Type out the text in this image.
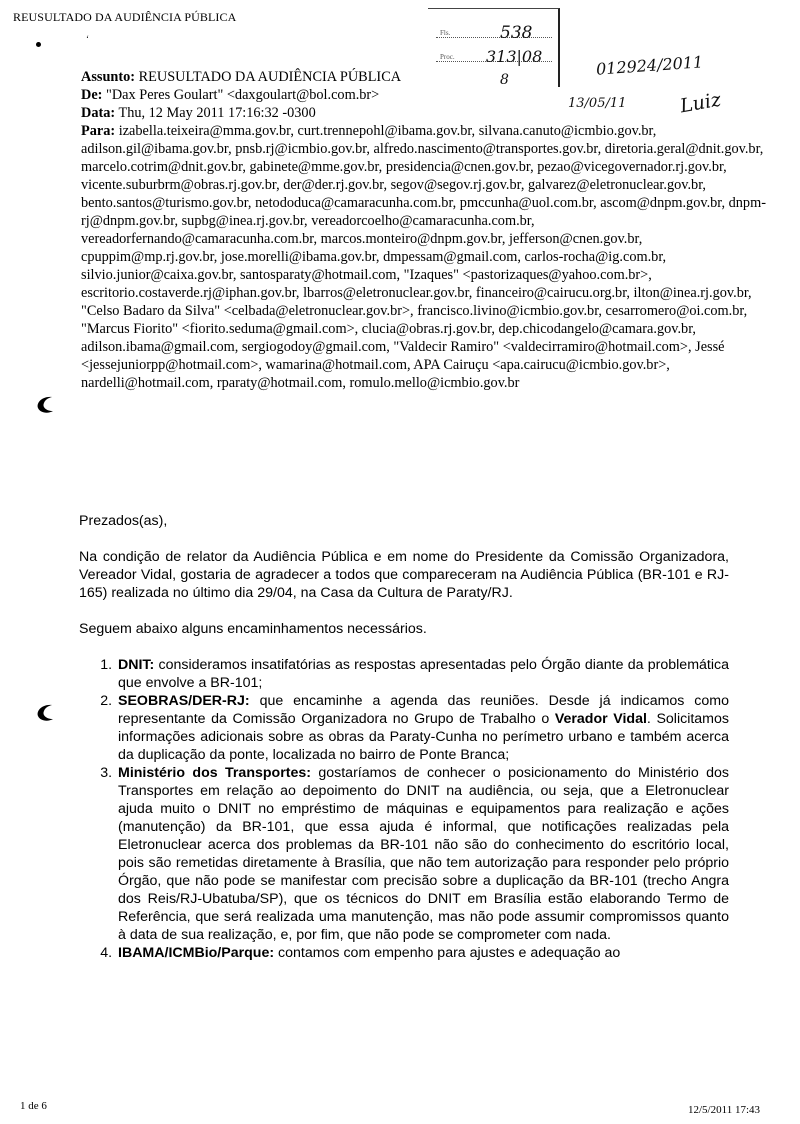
REUSULTADO DA AUDIÊNCIA PÚBLICA
ʻ
Fls.
Proc.
538
313|08
8
012924/2011
13/05/11	Luiz

Assunto: REUSULTADO DA AUDIÊNCIA PÚBLICA

De: "Dax Peres Goulart" <daxgoulart@bol.com.br>

Data: Thu, 12 May 2011 17:16:32 -0300

Para: izabella.teixeira@mma.gov.br, curt.trennepohl@ibama.gov.br, silvana.canuto@icmbio.gov.br, adilson.gil@ibama.gov.br, pnsb.rj@icmbio.gov.br, alfredo.nascimento@transportes.gov.br, diretoria.geral@dnit.gov.br, marcelo.cotrim@dnit.gov.br, gabinete@mme.gov.br, presidencia@cnen.gov.br, pezao@vicegovernador.rj.gov.br, vicente.suburbrm@obras.rj.gov.br, der@der.rj.gov.br, segov@segov.rj.gov.br, galvarez@eletronuclear.gov.br, bento.santos@turismo.gov.br, netododuca@camaracunha.com.br, pmccunha@uol.com.br, ascom@dnpm.gov.br, dnpm-rj@dnpm.gov.br, supbg@inea.rj.gov.br, vereadorcoelho@camaracunha.com.br, vereadorfernando@camaracunha.com.br, marcos.monteiro@dnpm.gov.br, jefferson@cnen.gov.br, cpuppim@mp.rj.gov.br, jose.morelli@ibama.gov.br, dmpessam@gmail.com, carlos-rocha@ig.com.br, silvio.junior@caixa.gov.br, santosparaty@hotmail.com, "Izaques" <pastorizaques@yahoo.com.br>, escritorio.costaverde.rj@iphan.gov.br, lbarros@eletronuclear.gov.br, financeiro@cairucu.org.br, ilton@inea.rj.gov.br, "Celso Badaro da Silva" <celbada@eletronuclear.gov.br>, francisco.livino@icmbio.gov.br, cesarromero@oi.com.br, "Marcus Fiorito" <fiorito.seduma@gmail.com>, clucia@obras.rj.gov.br, dep.chicodangelo@camara.gov.br, adilson.ibama@gmail.com, sergiogodoy@gmail.com, "Valdecir Ramiro" <valdecirramiro@hotmail.com>, Jessé <jessejuniorpp@hotmail.com>, wamarina@hotmail.com, APA Cairuçu <apa.cairucu@icmbio.gov.br>, nardelli@hotmail.com, rparaty@hotmail.com, romulo.mello@icmbio.gov.br

Prezados(as),

Na condição de relator da Audiência Pública e em nome do Presidente da Comissão Organizadora, Vereador Vidal, gostaria de agradecer a todos que compareceram na Audiência Pública (BR-101 e RJ-165) realizada no último dia 29/04, na Casa da Cultura de Paraty/RJ.

Seguem abaixo alguns encaminhamentos necessários.

1. DNIT: consideramos insatifatórias as respostas apresentadas pelo Órgão diante da problemática que envolve a BR-101;
2. SEOBRAS/DER-RJ: que encaminhe a agenda das reuniões. Desde já indicamos como representante da Comissão Organizadora no Grupo de Trabalho o Verador Vidal. Solicitamos informações adicionais sobre as obras da Paraty-Cunha no perímetro urbano e também acerca da duplicação da ponte, localizada no bairro de Ponte Branca;
3. Ministério dos Transportes: gostaríamos de conhecer o posicionamento do Ministério dos Transportes em relação ao depoimento do DNIT na audiência, ou seja, que a Eletronuclear ajuda muito o DNIT no empréstimo de máquinas e equipamentos para realização e ações (manutenção) da BR-101, que essa ajuda é informal, que notificações realizadas pela Eletronuclear acerca dos problemas da BR-101 não são do conhecimento do escritório local, pois são remetidas diretamente à Brasília, que não tem autorização para responder pelo próprio Órgão, que não pode se manifestar com precisão sobre a duplicação da BR-101 (trecho Angra dos Reis/RJ-Ubatuba/SP), que os técnicos do DNIT em Brasília estão elaborando Termo de Referência, que será realizada uma manutenção, mas não pode assumir compromissos quanto à data de sua realização, e, por fim, que não pode se comprometer com nada.
4. IBAMA/ICMBio/Parque: contamos com empenho para ajustes e adequação ao
1 de 6	12/5/2011 17:43
